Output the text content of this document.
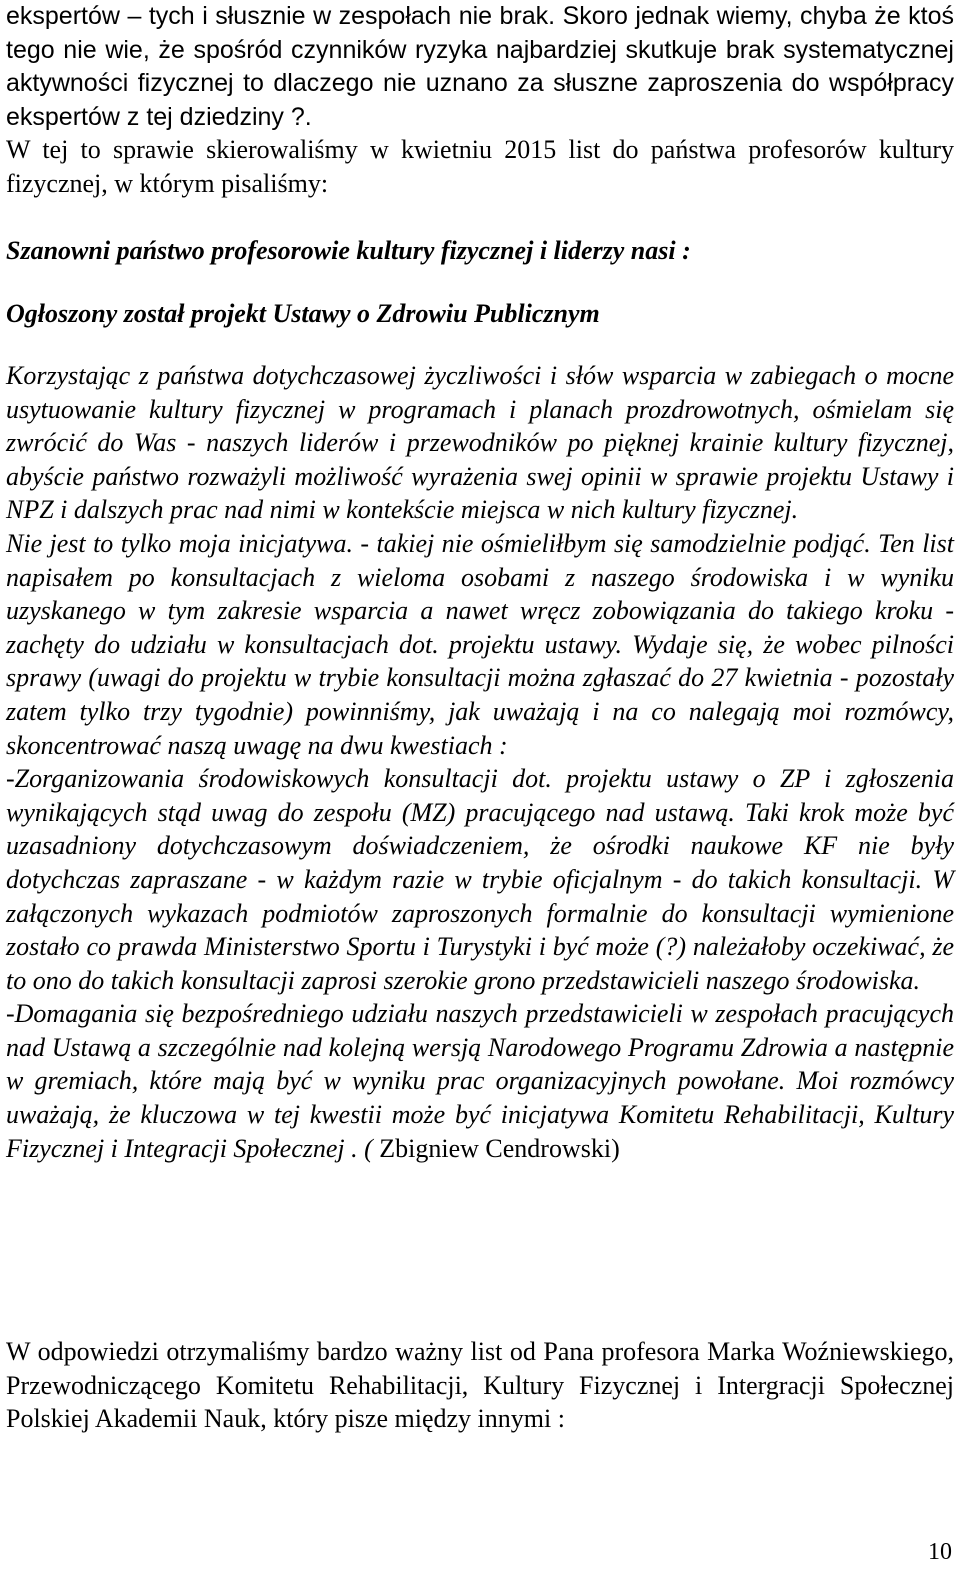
ekspertów – tych i słusznie w zespołach nie brak. Skoro jednak wiemy, chyba że ktoś tego nie wie, że spośród czynników ryzyka najbardziej skutkuje brak systematycznej aktywności fizycznej to dlaczego nie uznano za słuszne zaproszenia do współpracy ekspertów z tej dziedziny ?.

W tej to sprawie skierowaliśmy w kwietniu 2015 list do państwa profesorów kultury fizycznej, w którym pisaliśmy:

Szanowni państwo profesorowie kultury fizycznej i liderzy nasi :

Ogłoszony został projekt Ustawy o Zdrowiu Publicznym

Korzystając z państwa dotychczasowej życzliwości i słów wsparcia w zabiegach o mocne usytuowanie kultury fizycznej w programach i planach prozdrowotnych, ośmielam się zwrócić do Was - naszych liderów i przewodników po pięknej krainie kultury fizycznej, abyście państwo rozważyli możliwość wyrażenia swej opinii w sprawie projektu Ustawy i NPZ i dalszych prac nad nimi w kontekście miejsca w nich kultury fizycznej.

Nie jest to tylko moja inicjatywa. - takiej nie ośmieliłbym się samodzielnie podjąć. Ten list napisałem po konsultacjach z wieloma osobami z naszego środowiska i w wyniku uzyskanego w tym zakresie wsparcia a nawet wręcz zobowiązania do takiego kroku - zachęty do udziału w konsultacjach dot. projektu ustawy. Wydaje się, że wobec pilności sprawy (uwagi do projektu w trybie konsultacji można zgłaszać do 27 kwietnia - pozostały zatem tylko trzy tygodnie) powinniśmy, jak uważają i na co nalegają moi rozmówcy, skoncentrować naszą uwagę na dwu kwestiach :

-Zorganizowania środowiskowych konsultacji dot. projektu ustawy o ZP i zgłoszenia wynikających stąd uwag do zespołu (MZ) pracującego nad ustawą. Taki krok może być uzasadniony dotychczasowym doświadczeniem, że ośrodki naukowe KF nie były dotychczas zapraszane - w każdym razie w trybie oficjalnym - do takich konsultacji. W załączonych wykazach podmiotów zaproszonych formalnie do konsultacji wymienione zostało co prawda Ministerstwo Sportu i Turystyki i być może (?) należałoby oczekiwać, że to ono do takich konsultacji zaprosi szerokie grono przedstawicieli naszego środowiska.

-Domagania się bezpośredniego udziału naszych przedstawicieli w zespołach pracujących nad Ustawą a szczególnie nad kolejną wersją Narodowego Programu Zdrowia a następnie w gremiach, które mają być w wyniku prac organizacyjnych powołane. Moi rozmówcy uważają, że kluczowa w tej kwestii może być inicjatywa Komitetu Rehabilitacji, Kultury Fizycznej i Integracji Społecznej . ( Zbigniew Cendrowski)

W odpowiedzi otrzymaliśmy bardzo ważny list od Pana profesora Marka Woźniewskiego, Przewodniczącego Komitetu Rehabilitacji, Kultury Fizycznej i Intergracji Społecznej Polskiej Akademii Nauk, który pisze między innymi :

10
